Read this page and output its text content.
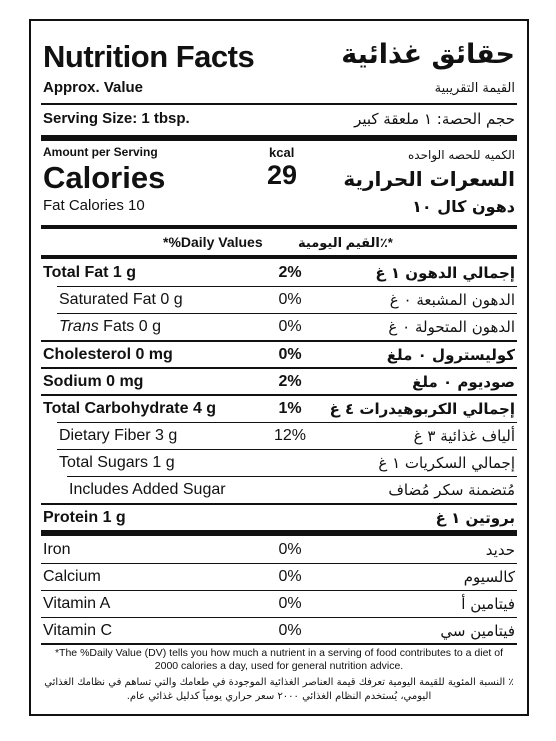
Nutrition Facts	حقائق غذائية
Approx. Value	القيمة التقريبية
Serving Size: 1 tbsp.	حجم الحصة: ١ ملعقة كبير
Amount per Serving	kcal	الكميه للحصه الواحده
Calories	29 السعرات الحرارية
Fat Calories 10	دهون كال ١٠
*%Daily Values	*٪القيم اليومية
Total Fat 1 g	2%	إجمالي الدهون ١ غ
Saturated Fat 0 g	0%	الدهون المشبعة ٠ غ
Trans Fats 0 g	0%	الدهون المتحولة ٠ غ
Cholesterol 0 mg	0%	كوليسترول ٠ ملغ
Sodium 0 mg	2%	صوديوم ٠ ملغ
Total Carbohydrate 4 g	1%	إجمالي الكربوهيدرات ٤ غ
Dietary Fiber 3 g	12%	ألياف غذائية ٣ غ
Total Sugars 1 g	إجمالي السكريات ١ غ
Includes Added Sugar	مُتضمنة سكر مُضاف
Protein 1 g	بروتين ١ غ
Iron	0%	حديد
Calcium	0%	كالسيوم
Vitamin A	0%	فيتامين أ
Vitamin C	0%	فيتامين سي
*The %Daily Value (DV) tells you how much a nutrient in a serving of food contributes to a diet of 2000 calories a day, used for general nutrition advice.
٪ النسبة المئوية للقيمة اليومية تعرفك قيمة العناصر الغذائية الموجودة في طعامك والتي تساهم في نظامك الغذائي اليومي، يُستخدم النظام الغذائي ٢٠٠٠ سعر حراري يومياً كدليل غذائي عام.
